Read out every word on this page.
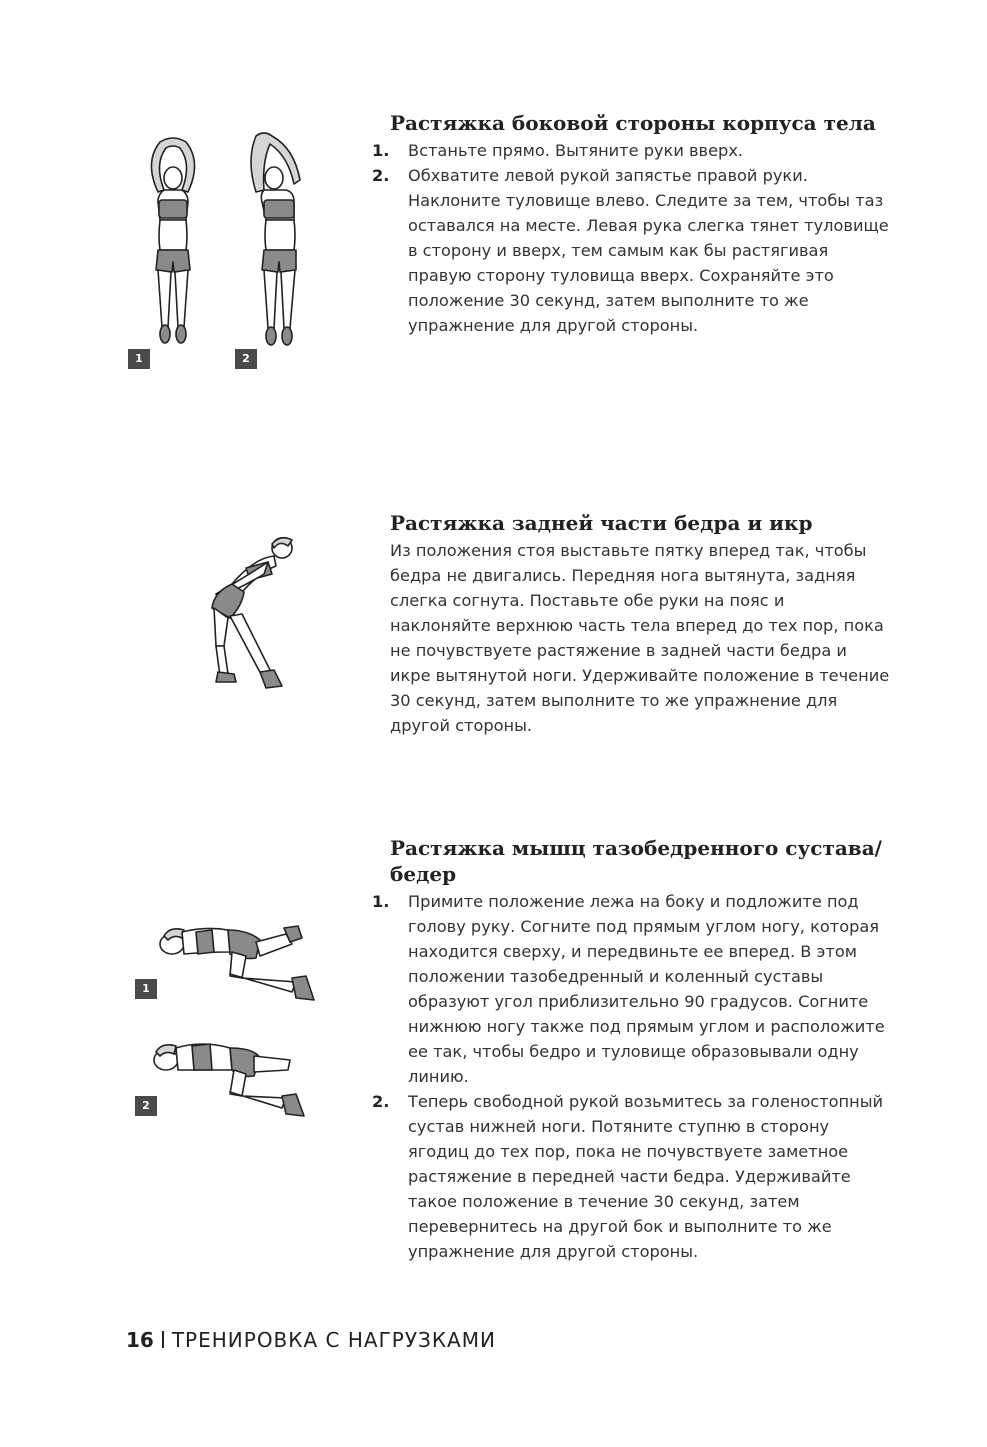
1	2
Растяжка боковой стороны корпуса тела
1. Встаньте прямо. Вытяните руки вверх.
2. Обхватите левой рукой запястье правой руки. Наклоните туловище влево. Следите за тем, чтобы таз оставался на месте. Левая рука слегка тянет туловище в сторону и вверх, тем самым как бы растягивая правую сторону туловища вверх. Сохраняйте это положение 30 секунд, затем выполните то же упражнение для другой стороны.
Растяжка задней части бедра и икр
Из положения стоя выставьте пятку вперед так, чтобы бедра не двигались. Передняя нога вытянута, задняя слегка согнута. Поставьте обе руки на пояс и наклоняйте верхнюю часть тела вперед до тех пор, пока не почувствуете растяжение в задней части бедра и икре вытянутой ноги. Удерживайте положение в течение 30 секунд, затем выполните то же упражнение для другой стороны.
1
2
Растяжка мышц тазобедренного сустава/бедер
1. Примите положение лежа на боку и подложите под голову руку. Согните под прямым углом ногу, которая находится сверху, и передвиньте ее вперед. В этом положении тазобедренный и коленный суставы образуют угол приблизительно 90 градусов. Согните нижнюю ногу также под прямым углом и расположите ее так, чтобы бедро и туловище образовывали одну линию.
2. Теперь свободной рукой возьмитесь за голеностопный сустав нижней ноги. Потяните ступню в сторону ягодиц до тех пор, пока не почувствуете заметное растяжение в передней части бедра. Удерживайте такое положение в течение 30 секунд, затем перевернитесь на другой бок и выполните то же упражнение для другой стороны.
16 ТРЕНИРОВКА С НАГРУЗКАМИ
